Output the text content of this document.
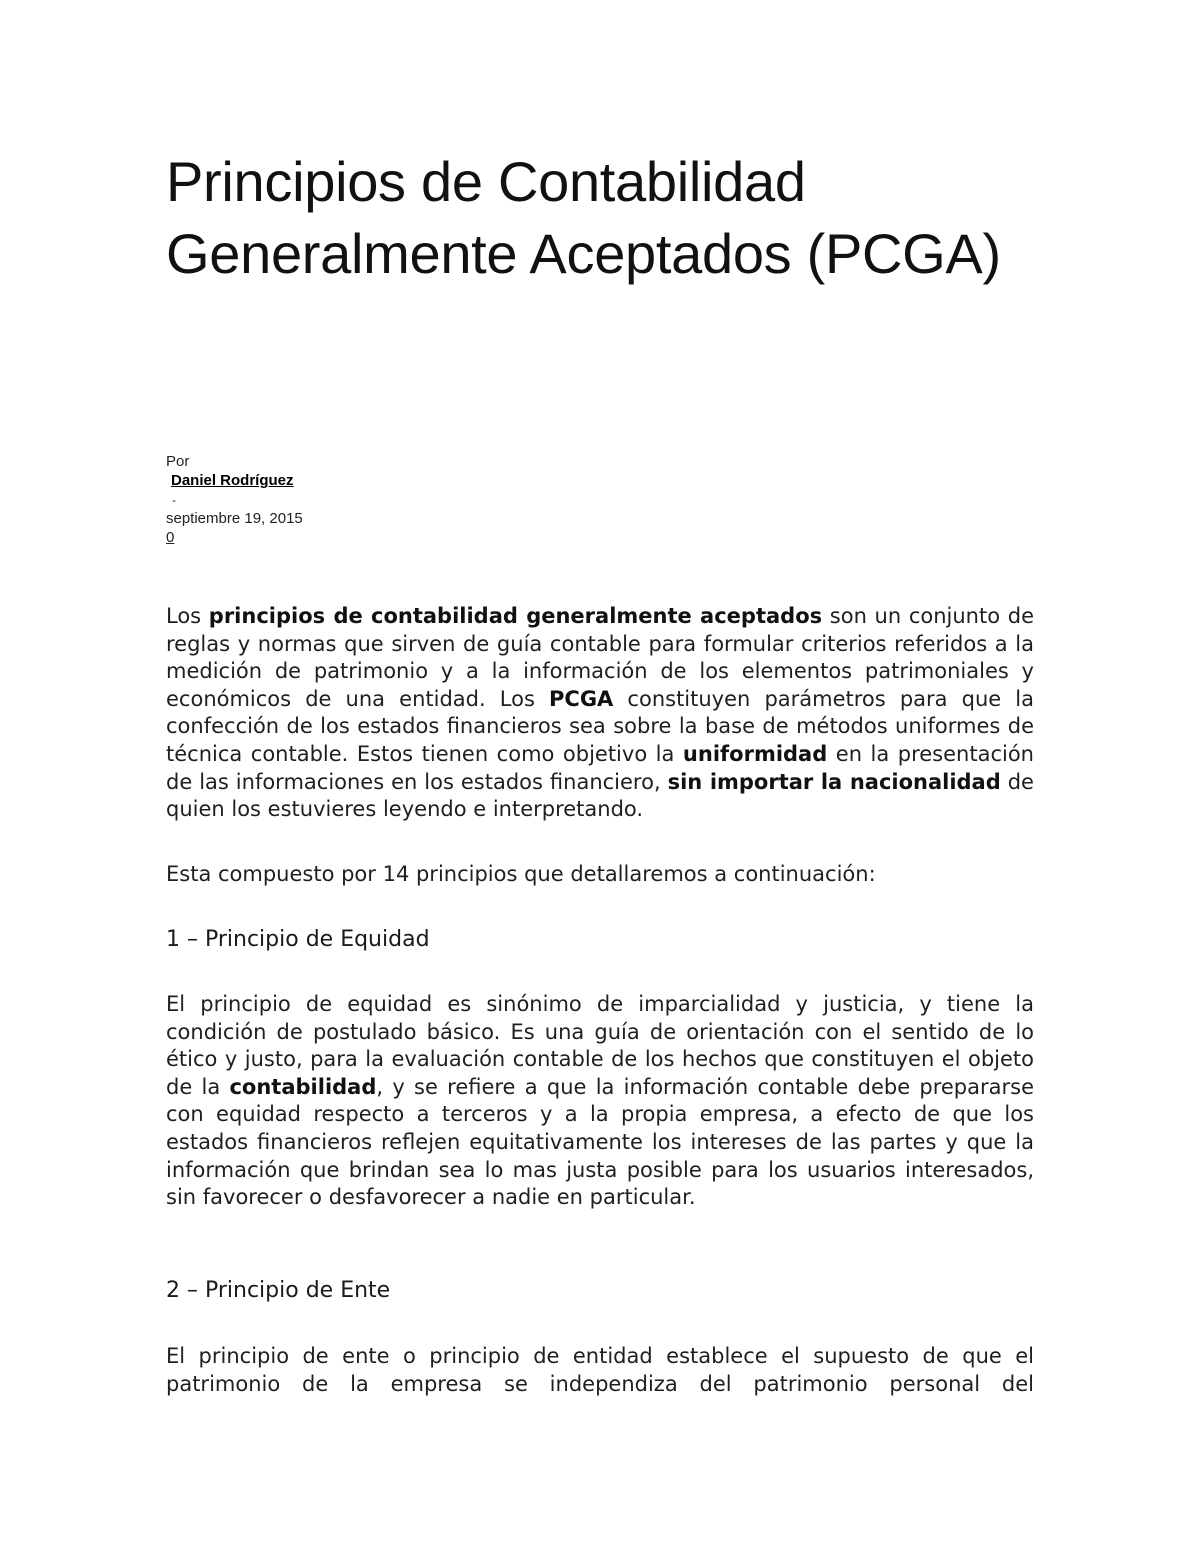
Principios de Contabilidad Generalmente Aceptados (PCGA)
Por
Daniel Rodríguez
-
septiembre 19, 2015
0

Los principios de contabilidad generalmente aceptados son un conjunto de reglas y normas que sirven de guía contable para formular criterios referidos a la medición de patrimonio y a la información de los elementos patrimoniales y económicos de una entidad. Los PCGA constituyen parámetros para que la confección de los estados financieros sea sobre la base de métodos uniformes de técnica contable. Estos tienen como objetivo la uniformidad en la presentación de las informaciones en los estados financiero, sin importar la nacionalidad de quien los estuvieres leyendo e interpretando.

Esta compuesto por 14 principios que detallaremos a continuación:

1 – Principio de Equidad

El principio de equidad es sinónimo de imparcialidad y justicia, y tiene la condición de postulado básico. Es una guía de orientación con el sentido de lo ético y justo, para la evaluación contable de los hechos que constituyen el objeto de la contabilidad, y se refiere a que la información contable debe prepararse con equidad respecto a terceros y a la propia empresa, a efecto de que los estados financieros reflejen equitativamente los intereses de las partes y que la información que brindan sea lo mas justa posible para los usuarios interesados, sin favorecer o desfavorecer a nadie en particular.

2 – Principio de Ente

El principio de ente o principio de entidad establece el supuesto de que el patrimonio de la empresa se independiza del patrimonio personal del
